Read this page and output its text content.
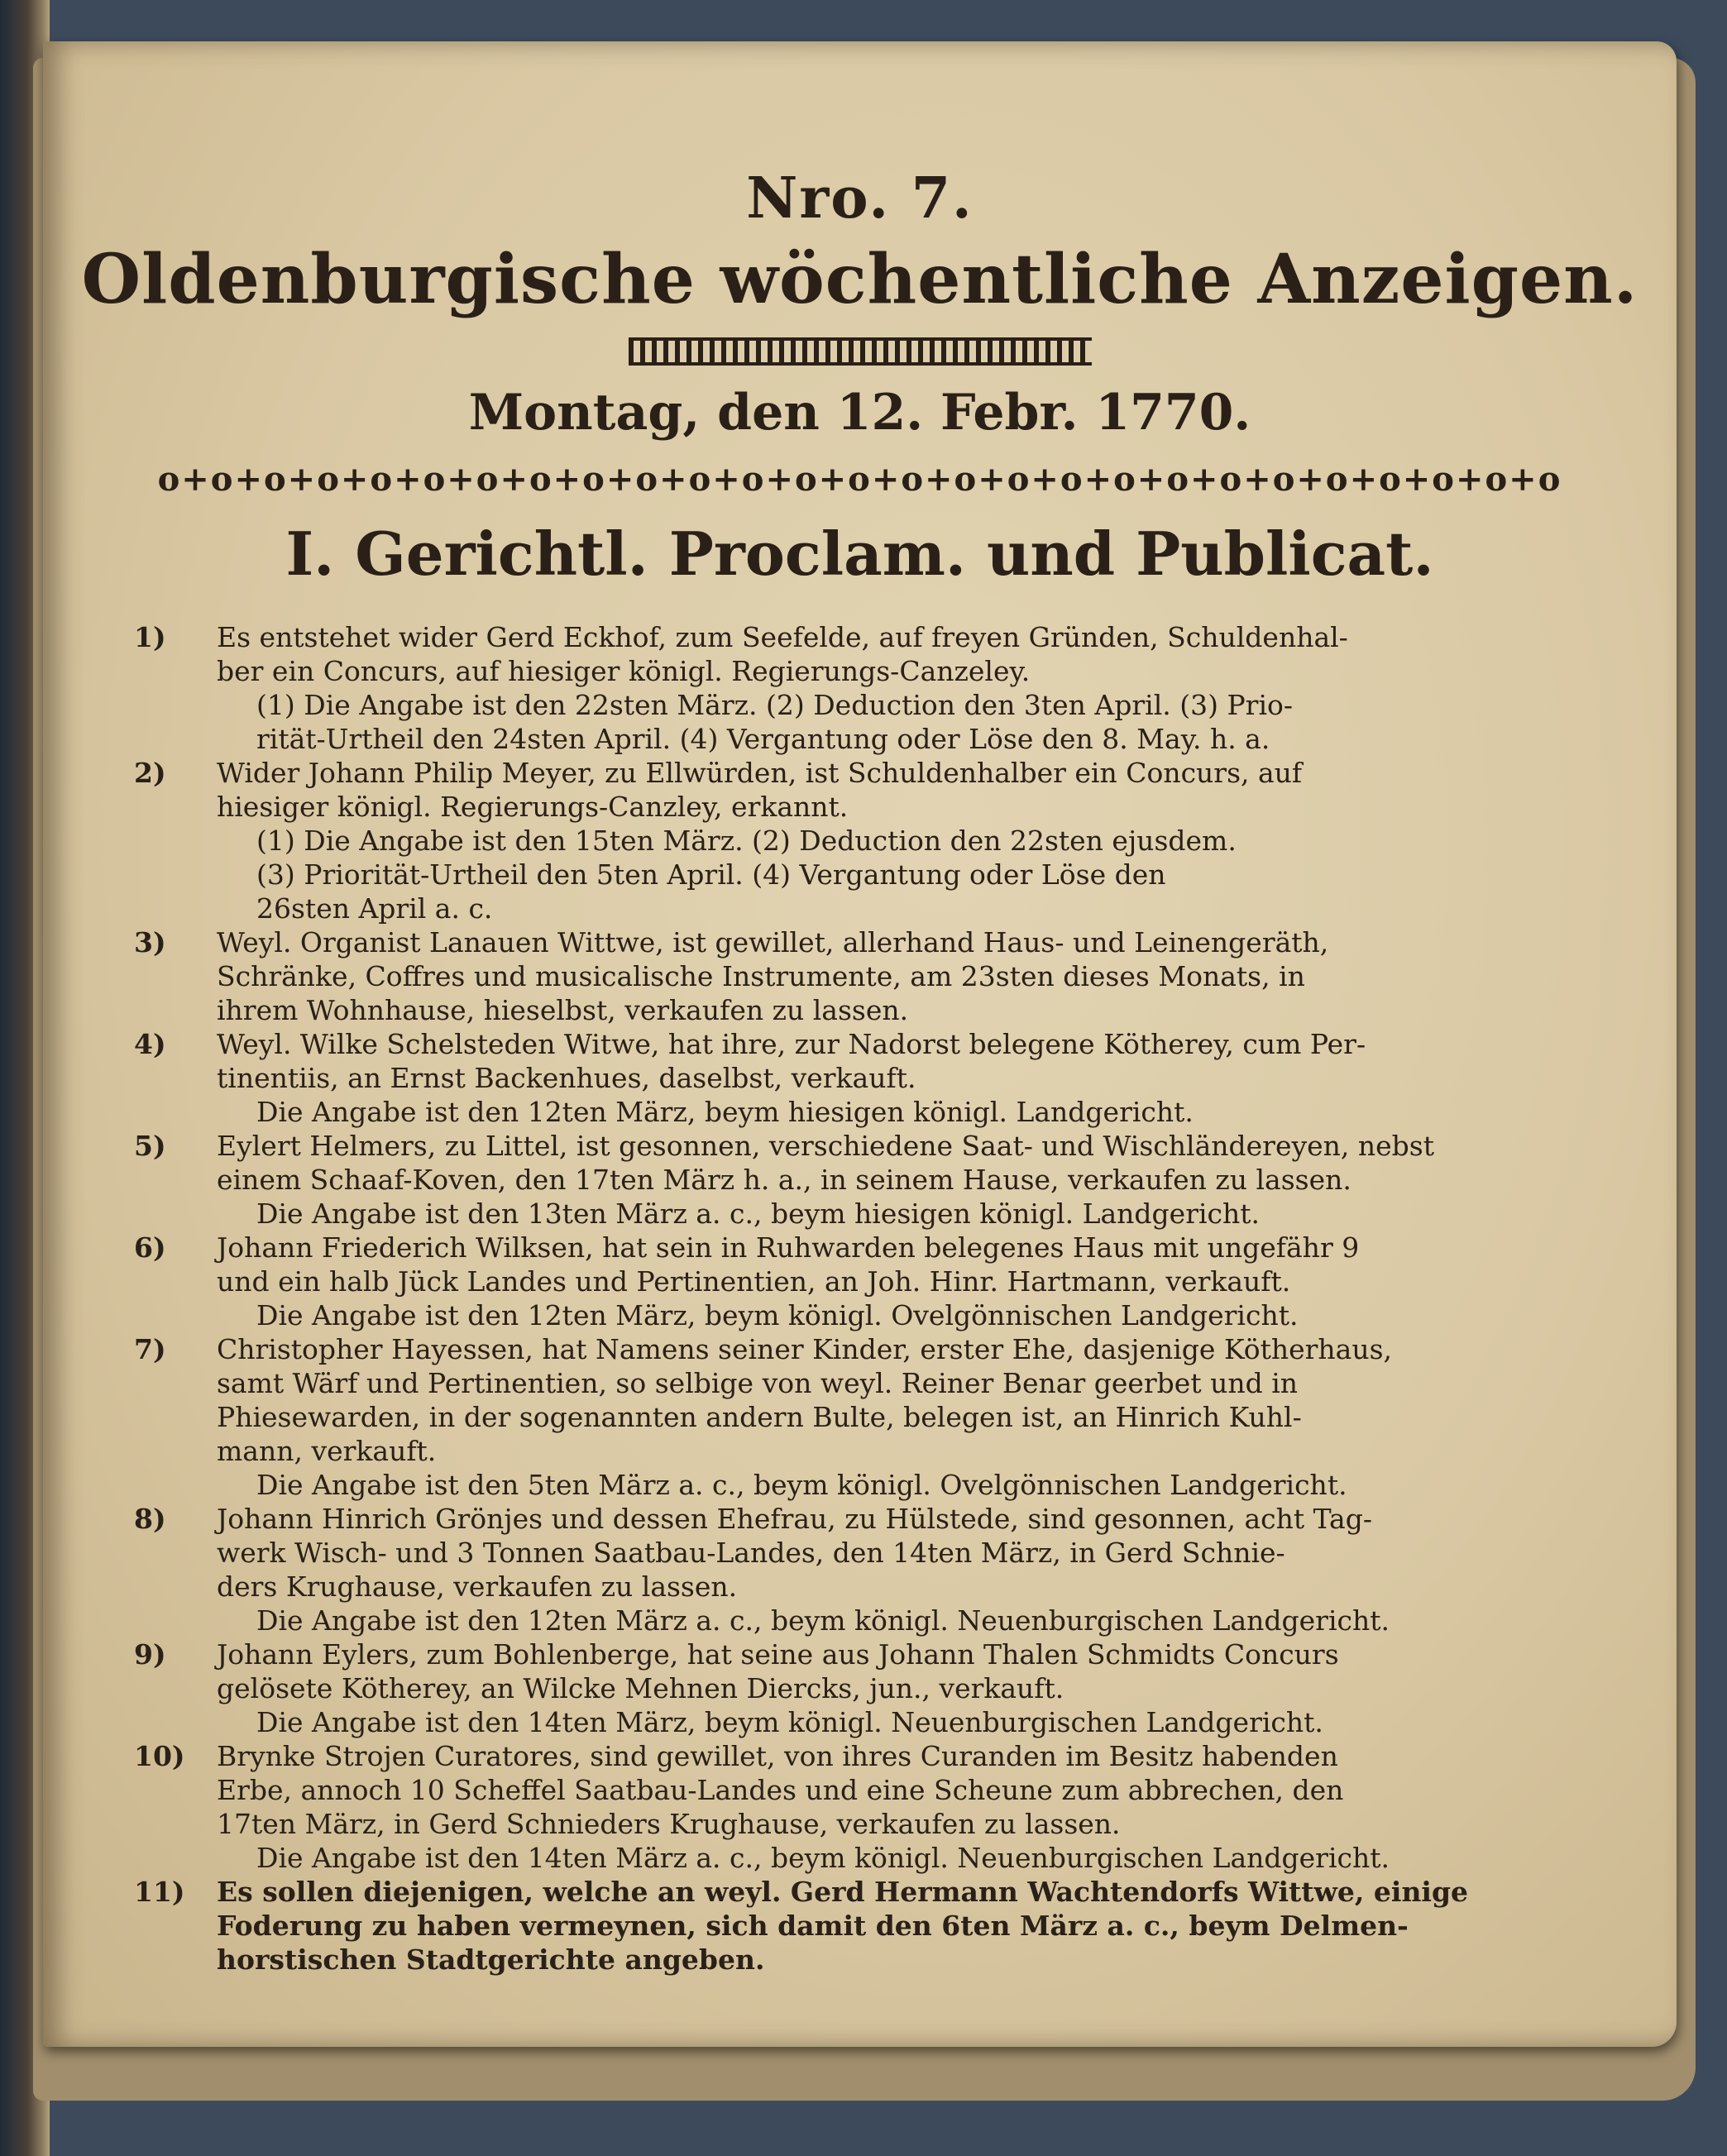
Nro. 7.
Oldenburgische wöchentliche Anzeigen.
Montag, den 12. Febr. 1770.
o+o+o+o+o+o+o+o+o+o+o+o+o+o+o+o+o+o+o+o+o+o+o+o+o+o+o
I. Gerichtl. Proclam. und Publicat.
1)	Es entstehet wider Gerd Eckhof, zum Seefelde, auf freyen Gründen, Schuldenhal-
ber ein Concurs, auf hiesiger königl. Regierungs-Canzeley.
(1) Die Angabe ist den 22sten März. (2) Deduction den 3ten April. (3) Prio-
rität-Urtheil den 24sten April. (4) Vergantung oder Löse den 8. May. h. a.
2)	Wider Johann Philip Meyer, zu Ellwürden, ist Schuldenhalber ein Concurs, auf
hiesiger königl. Regierungs-Canzley, erkannt.
(1) Die Angabe ist den 15ten März. (2) Deduction den 22sten ejusdem.
(3) Priorität-Urtheil den 5ten April. (4) Vergantung oder Löse den
26sten April a. c.
3)	Weyl. Organist Lanauen Wittwe, ist gewillet, allerhand Haus- und Leinengeräth,
Schränke, Coffres und musicalische Instrumente, am 23sten dieses Monats, in
ihrem Wohnhause, hieselbst, verkaufen zu lassen.
4)	Weyl. Wilke Schelsteden Witwe, hat ihre, zur Nadorst belegene Kötherey, cum Per-
tinentiis, an Ernst Backenhues, daselbst, verkauft.
Die Angabe ist den 12ten März, beym hiesigen königl. Landgericht.
5)	Eylert Helmers, zu Littel, ist gesonnen, verschiedene Saat- und Wischländereyen, nebst
einem Schaaf-Koven, den 17ten März h. a., in seinem Hause, verkaufen zu lassen.
Die Angabe ist den 13ten März a. c., beym hiesigen königl. Landgericht.
6)	Johann Friederich Wilksen, hat sein in Ruhwarden belegenes Haus mit ungefähr 9
und ein halb Jück Landes und Pertinentien, an Joh. Hinr. Hartmann, verkauft.
Die Angabe ist den 12ten März, beym königl. Ovelgönnischen Landgericht.
7)	Christopher Hayessen, hat Namens seiner Kinder, erster Ehe, dasjenige Kötherhaus,
samt Wärf und Pertinentien, so selbige von weyl. Reiner Benar geerbet und in
Phiesewarden, in der sogenannten andern Bulte, belegen ist, an Hinrich Kuhl-
mann, verkauft.
Die Angabe ist den 5ten März a. c., beym königl. Ovelgönnischen Landgericht.
8)	Johann Hinrich Grönjes und dessen Ehefrau, zu Hülstede, sind gesonnen, acht Tag-
werk Wisch- und 3 Tonnen Saatbau-Landes, den 14ten März, in Gerd Schnie-
ders Krughause, verkaufen zu lassen.
Die Angabe ist den 12ten März a. c., beym königl. Neuenburgischen Landgericht.
9)	Johann Eylers, zum Bohlenberge, hat seine aus Johann Thalen Schmidts Concurs
gelösete Kötherey, an Wilcke Mehnen Diercks, jun., verkauft.
Die Angabe ist den 14ten März, beym königl. Neuenburgischen Landgericht.
10)	Brynke Strojen Curatores, sind gewillet, von ihres Curanden im Besitz habenden
Erbe, annoch 10 Scheffel Saatbau-Landes und eine Scheune zum abbrechen, den
17ten März, in Gerd Schnieders Krughause, verkaufen zu lassen.
Die Angabe ist den 14ten März a. c., beym königl. Neuenburgischen Landgericht.
11)	Es sollen diejenigen, welche an weyl. Gerd Hermann Wachtendorfs Wittwe, einige
Foderung zu haben vermeynen, sich damit den 6ten März a. c., beym Delmen-
horstischen Stadtgerichte angeben.
